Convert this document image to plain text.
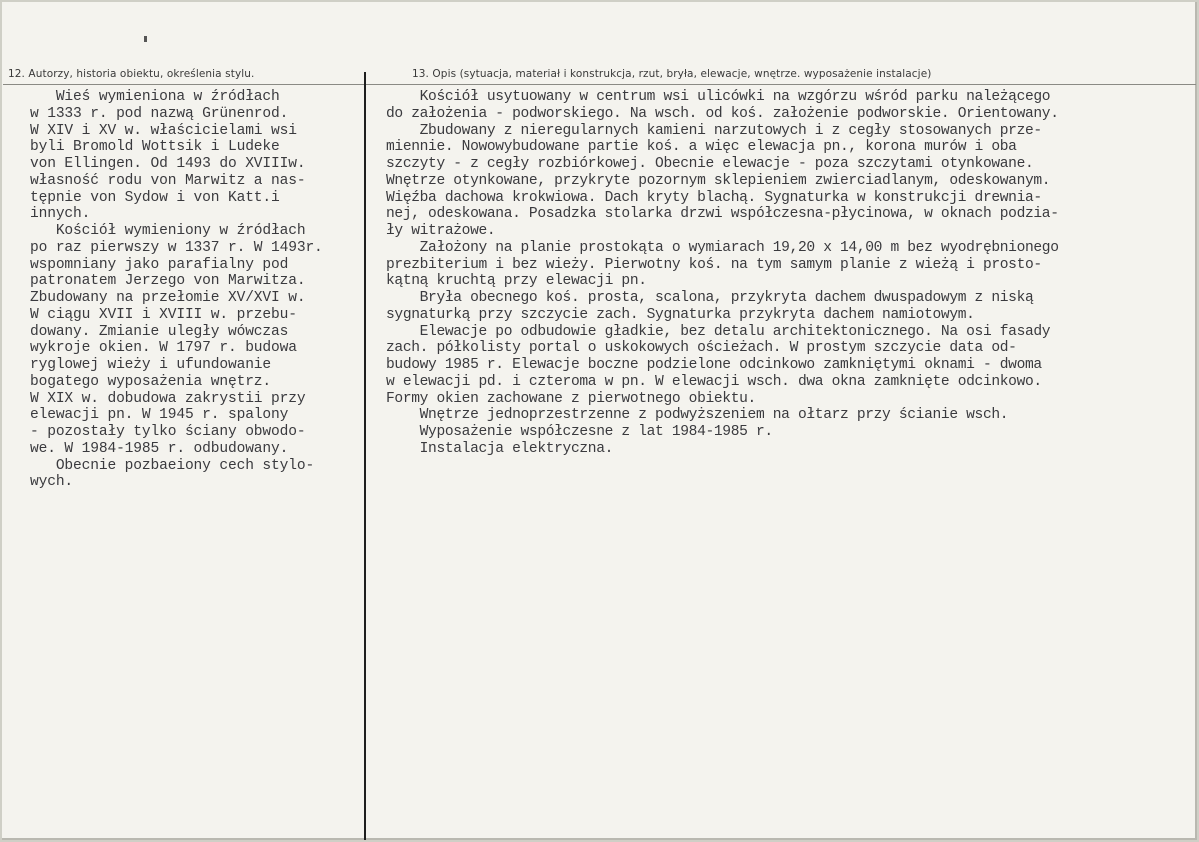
12. Autorzy, historia obiektu, określenia stylu.	13. Opis (sytuacja, materiał i konstrukcja, rzut, bryła, elewacje, wnętrze. wyposażenie instalacje)
Wieś wymieniona w źródłach
w 1333 r. pod nazwą Grünenrod.
W XIV i XV w. właścicielami wsi
byli Bromold Wottsik i Ludeke
von Ellingen. Od 1493 do XVIIIw.
własność rodu von Marwitz a nas-
tępnie von Sydow i von Katt.i
innych.
Kościół wymieniony w źródłach
po raz pierwszy w 1337 r. W 1493r.
wspomniany jako parafialny pod
patronatem Jerzego von Marwitza.
Zbudowany na przełomie XV/XVI w.
W ciągu XVII i XVIII w. przebu-
dowany. Zmianie uległy wówczas
wykroje okien. W 1797 r. budowa
ryglowej wieży i ufundowanie
bogatego wyposażenia wnętrz.
W XIX w. dobudowa zakrystii przy
elewacji pn. W 1945 r. spalony
- pozostały tylko ściany obwodo-
we. W 1984-1985 r. odbudowany.
Obecnie pozbaeiony cech stylo-
wych.
Kościół usytuowany w centrum wsi ulicówki na wzgórzu wśród parku należącego
do założenia - podworskiego. Na wsch. od koś. założenie podworskie. Orientowany.
Zbudowany z nieregularnych kamieni narzutowych i z cegły stosowanych prze-
miennie. Nowowybudowane partie koś. a więc elewacja pn., korona murów i oba
szczyty - z cegły rozbiórkowej. Obecnie elewacje - poza szczytami otynkowane.
Wnętrze otynkowane, przykryte pozornym sklepieniem zwierciadlanym, odeskowanym.
Więźba dachowa krokwiowa. Dach kryty blachą. Sygnaturka w konstrukcji drewnia-
nej, odeskowana. Posadzka stolarka drzwi współczesna-płycinowa, w oknach podzia-
ły witrażowe.
Założony na planie prostokąta o wymiarach 19,20 x 14,00 m bez wyodrębnionego
prezbiterium i bez wieży. Pierwotny koś. na tym samym planie z wieżą i prosto-
kątną kruchtą przy elewacji pn.
Bryła obecnego koś. prosta, scalona, przykryta dachem dwuspadowym z niską
sygnaturką przy szczycie zach. Sygnaturka przykryta dachem namiotowym.
Elewacje po odbudowie gładkie, bez detalu architektonicznego. Na osi fasady
zach. półkolisty portal o uskokowych ościeżach. W prostym szczycie data od-
budowy 1985 r. Elewacje boczne podzielone odcinkowo zamkniętymi oknami - dwoma
w elewacji pd. i czteroma w pn. W elewacji wsch. dwa okna zamknięte odcinkowo.
Formy okien zachowane z pierwotnego obiektu.
Wnętrze jednoprzestrzenne z podwyższeniem na ołtarz przy ścianie wsch.
Wyposażenie współczesne z lat 1984-1985 r.
Instalacja elektryczna.
